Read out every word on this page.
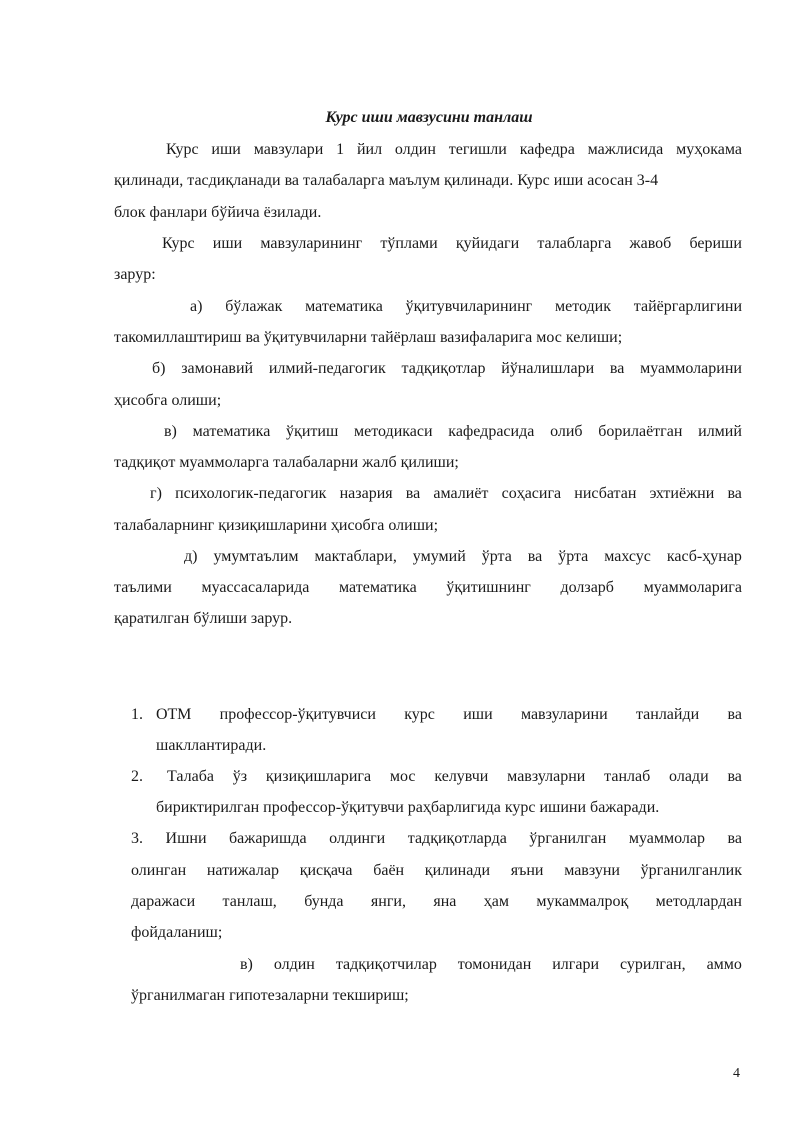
Курс иши мавзусини танлаш
Курс иши мавзулари 1 йил олдин тегишли кафедра мажлисида муҳокама
қилинади, тасдиқланади ва талабаларга маълум қилинади. Курс иши асосан 3-4
блок фанлари бўйича ёзилади.
Курс иши мавзуларининг тўплами қуйидаги талабларга жавоб бериши
зарур:
а) бўлажак математика ўқитувчиларининг методик тайёргарлигини
такомиллаштириш ва ўқитувчиларни тайёрлаш вазифаларига мос келиши;
б) замонавий илмий-педагогик тадқиқотлар йўналишлари ва муаммоларини
ҳисобга олиши;
в) математика ўқитиш методикаси кафедрасида олиб борилаётган илмий
тадқиқот муаммоларга талабаларни жалб қилиши;
г) психологик-педагогик назария ва амалиёт соҳасига нисбатан эхтиёжни ва
талабаларнинг қизиқишларини ҳисобга олиши;
д) умумтаълим мактаблари, умумий ўрта ва ўрта махсус касб-ҳунар
таълими муассасаларида математика ўқитишнинг долзарб муаммоларига
қаратилган бўлиши зарур.
1. ОТМ профессор-ўқитувчиси курс иши мавзуларини танлайди ва
шакллантиради.
2. Талаба ўз қизиқишларига мос келувчи мавзуларни танлаб олади ва
бириктирилган профессор-ўқитувчи раҳбарлигида курс ишини бажаради.
3. Ишни бажаришда олдинги тадқиқотларда ўрганилган муаммолар ва
олинган натижалар қисқача баён қилинади яъни мавзуни ўрганилганлик
даражаси танлаш, бунда янги, яна ҳам мукаммалроқ методлардан
фойдаланиш;
в) олдин тадқиқотчилар томонидан илгари сурилган, аммо
ўрганилмаган гипотезаларни текшириш;
4
